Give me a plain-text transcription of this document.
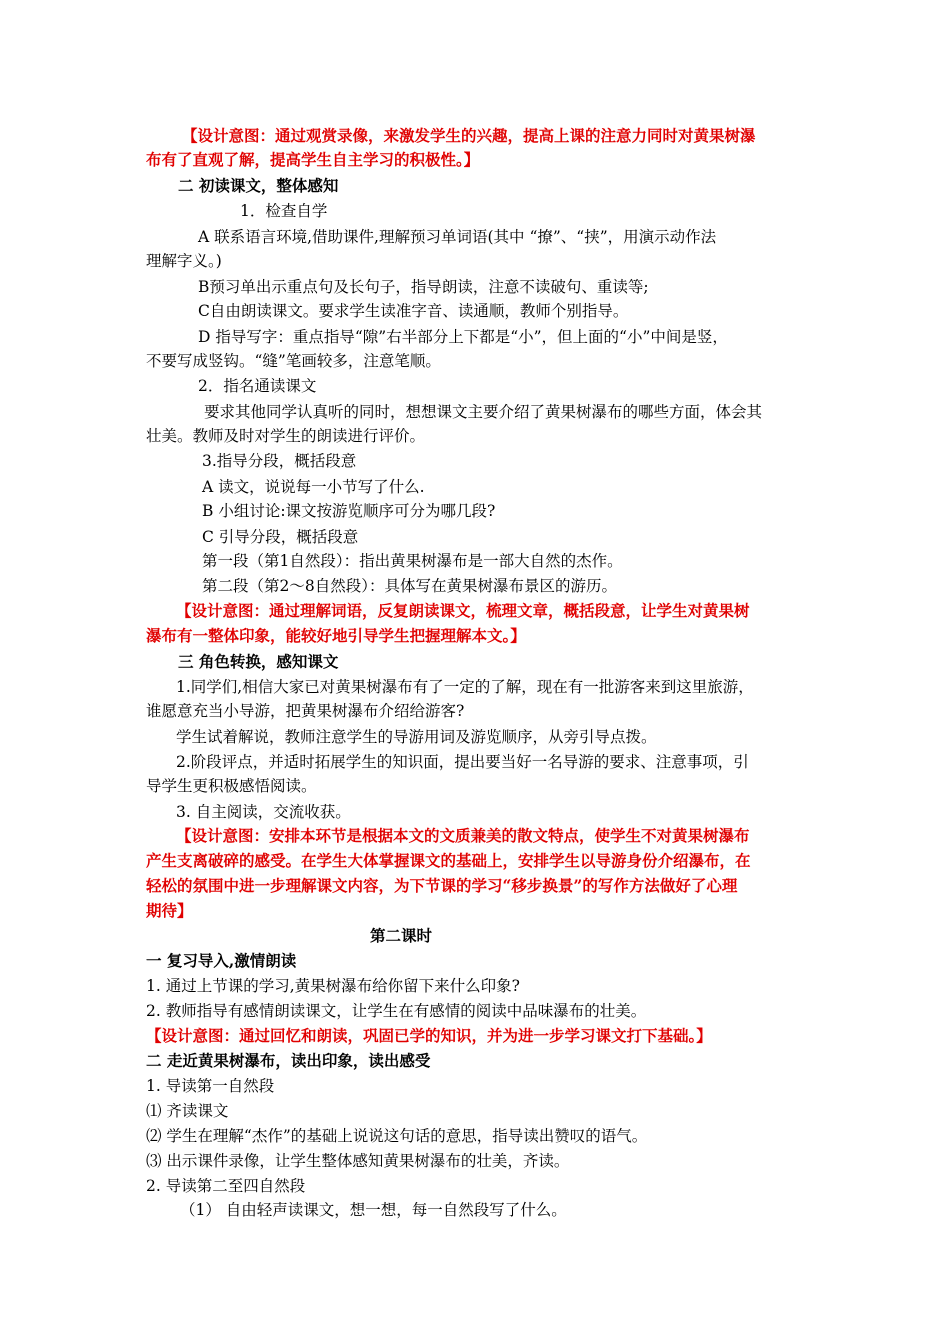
【设计意图：通过观赏录像，来激发学生的兴趣，提高上课的注意力同时对黄果树瀑

布有了直观了解，提高学生自主学习的积极性。】

二 初读课文，整体感知

1．检查自学

A 联系语言环境,借助课件,理解预习单词语(其中 “撩”、“挟”，用演示动作法

理解字义。)

B预习单出示重点句及长句子，指导朗读，注意不读破句、重读等;

C自由朗读课文。要求学生读准字音、读通顺，教师个别指导。

D 指导写字：重点指导“隙”右半部分上下都是“小”，但上面的“小”中间是竖，

不要写成竖钩。“缝”笔画较多，注意笔顺。

2．指名通读课文

要求其他同学认真听的同时，想想课文主要介绍了黄果树瀑布的哪些方面，体会其

壮美。教师及时对学生的朗读进行评价。

3.指导分段，概括段意

A 读文，说说每一小节写了什么.

B 小组讨论:课文按游览顺序可分为哪几段?

C 引导分段，概括段意

第一段（第1自然段）：指出黄果树瀑布是一部大自然的杰作。

第二段（第2～8自然段）：具体写在黄果树瀑布景区的游历。

【设计意图：通过理解词语，反复朗读课文，梳理文章，概括段意，让学生对黄果树

瀑布有一整体印象，能较好地引导学生把握理解本文。】

三 角色转换，感知课文

1.同学们,相信大家已对黄果树瀑布有了一定的了解，现在有一批游客来到这里旅游，

谁愿意充当小导游，把黄果树瀑布介绍给游客?

学生试着解说，教师注意学生的导游用词及游览顺序，从旁引导点拨。

2.阶段评点，并适时拓展学生的知识面，提出要当好一名导游的要求、注意事项，引

导学生更积极感悟阅读。

3. 自主阅读，交流收获。

【设计意图：安排本环节是根据本文的文质兼美的散文特点，使学生不对黄果树瀑布

产生支离破碎的感受。在学生大体掌握课文的基础上，安排学生以导游身份介绍瀑布，在

轻松的氛围中进一步理解课文内容，为下节课的学习“移步换景”的写作方法做好了心理

期待】

第二课时

一 复习导入,激情朗读

1. 通过上节课的学习,黄果树瀑布给你留下来什么印象?

2. 教师指导有感情朗读课文，让学生在有感情的阅读中品味瀑布的壮美。

【设计意图：通过回忆和朗读，巩固已学的知识，并为进一步学习课文打下基础。】

二 走近黄果树瀑布，读出印象，读出感受

1. 导读第一自然段

⑴ 齐读课文

⑵ 学生在理解“杰作”的基础上说说这句话的意思，指导读出赞叹的语气。

⑶ 出示课件录像，让学生整体感知黄果树瀑布的壮美，齐读。

2. 导读第二至四自然段

（1） 自由轻声读课文，想一想，每一自然段写了什么。
